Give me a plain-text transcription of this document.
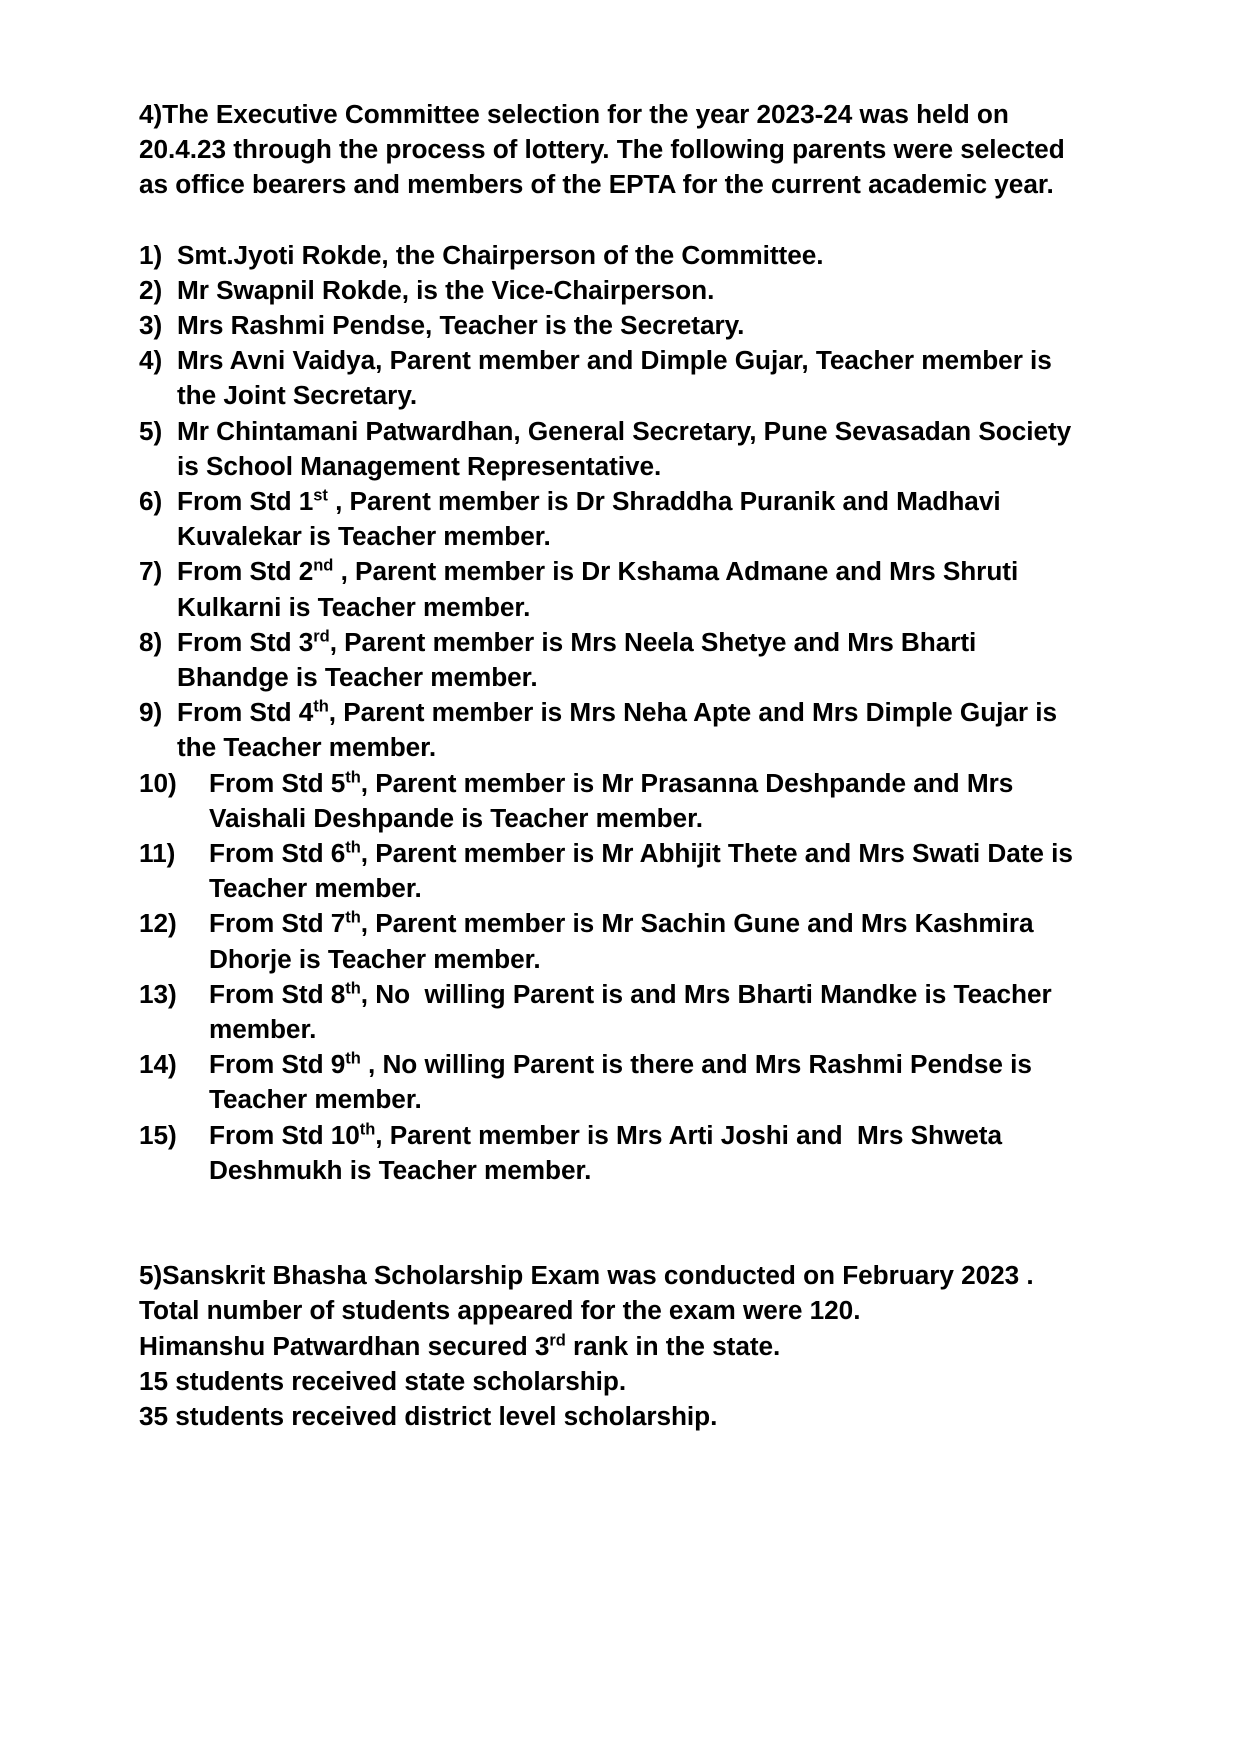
4)The Executive Committee selection for the year 2023-24 was held on
20.4.23 through the process of lottery. The following parents were selected
as office bearers and members of the EPTA for the current academic year.
1) Smt.Jyoti Rokde, the Chairperson of the Committee.
2) Mr Swapnil Rokde, is the Vice-Chairperson.
3) Mrs Rashmi Pendse, Teacher is the Secretary.
4) Mrs Avni Vaidya, Parent member and Dimple Gujar, Teacher member is the Joint Secretary.
5) Mr Chintamani Patwardhan, General Secretary, Pune Sevasadan Society is School Management Representative.
6) From Std 1st , Parent member is Dr Shraddha Puranik and Madhavi Kuvalekar is Teacher member.
7) From Std 2nd , Parent member is Dr Kshama Admane and Mrs Shruti Kulkarni is Teacher member.
8) From Std 3rd, Parent member is Mrs Neela Shetye and Mrs Bharti Bhandge is Teacher member.
9) From Std 4th, Parent member is Mrs Neha Apte and Mrs Dimple Gujar is the Teacher member.
10)	From Std 5th, Parent member is Mr Prasanna Deshpande and Mrs Vaishali Deshpande is Teacher member.
11)	From Std 6th, Parent member is Mr Abhijit Thete and Mrs Swati Date is Teacher member.
12)	From Std 7th, Parent member is Mr Sachin Gune and Mrs Kashmira Dhorje is Teacher member.
13)	From Std 8th, No  willing Parent is and Mrs Bharti Mandke is Teacher member.
14)	From Std 9th , No willing Parent is there and Mrs Rashmi Pendse is Teacher member.
15)	From Std 10th, Parent member is Mrs Arti Joshi and  Mrs Shweta Deshmukh is Teacher member.
5)Sanskrit Bhasha Scholarship Exam was conducted on February 2023 .
Total number of students appeared for the exam were 120.
Himanshu Patwardhan secured 3rd rank in the state.
15 students received state scholarship.
35 students received district level scholarship.
